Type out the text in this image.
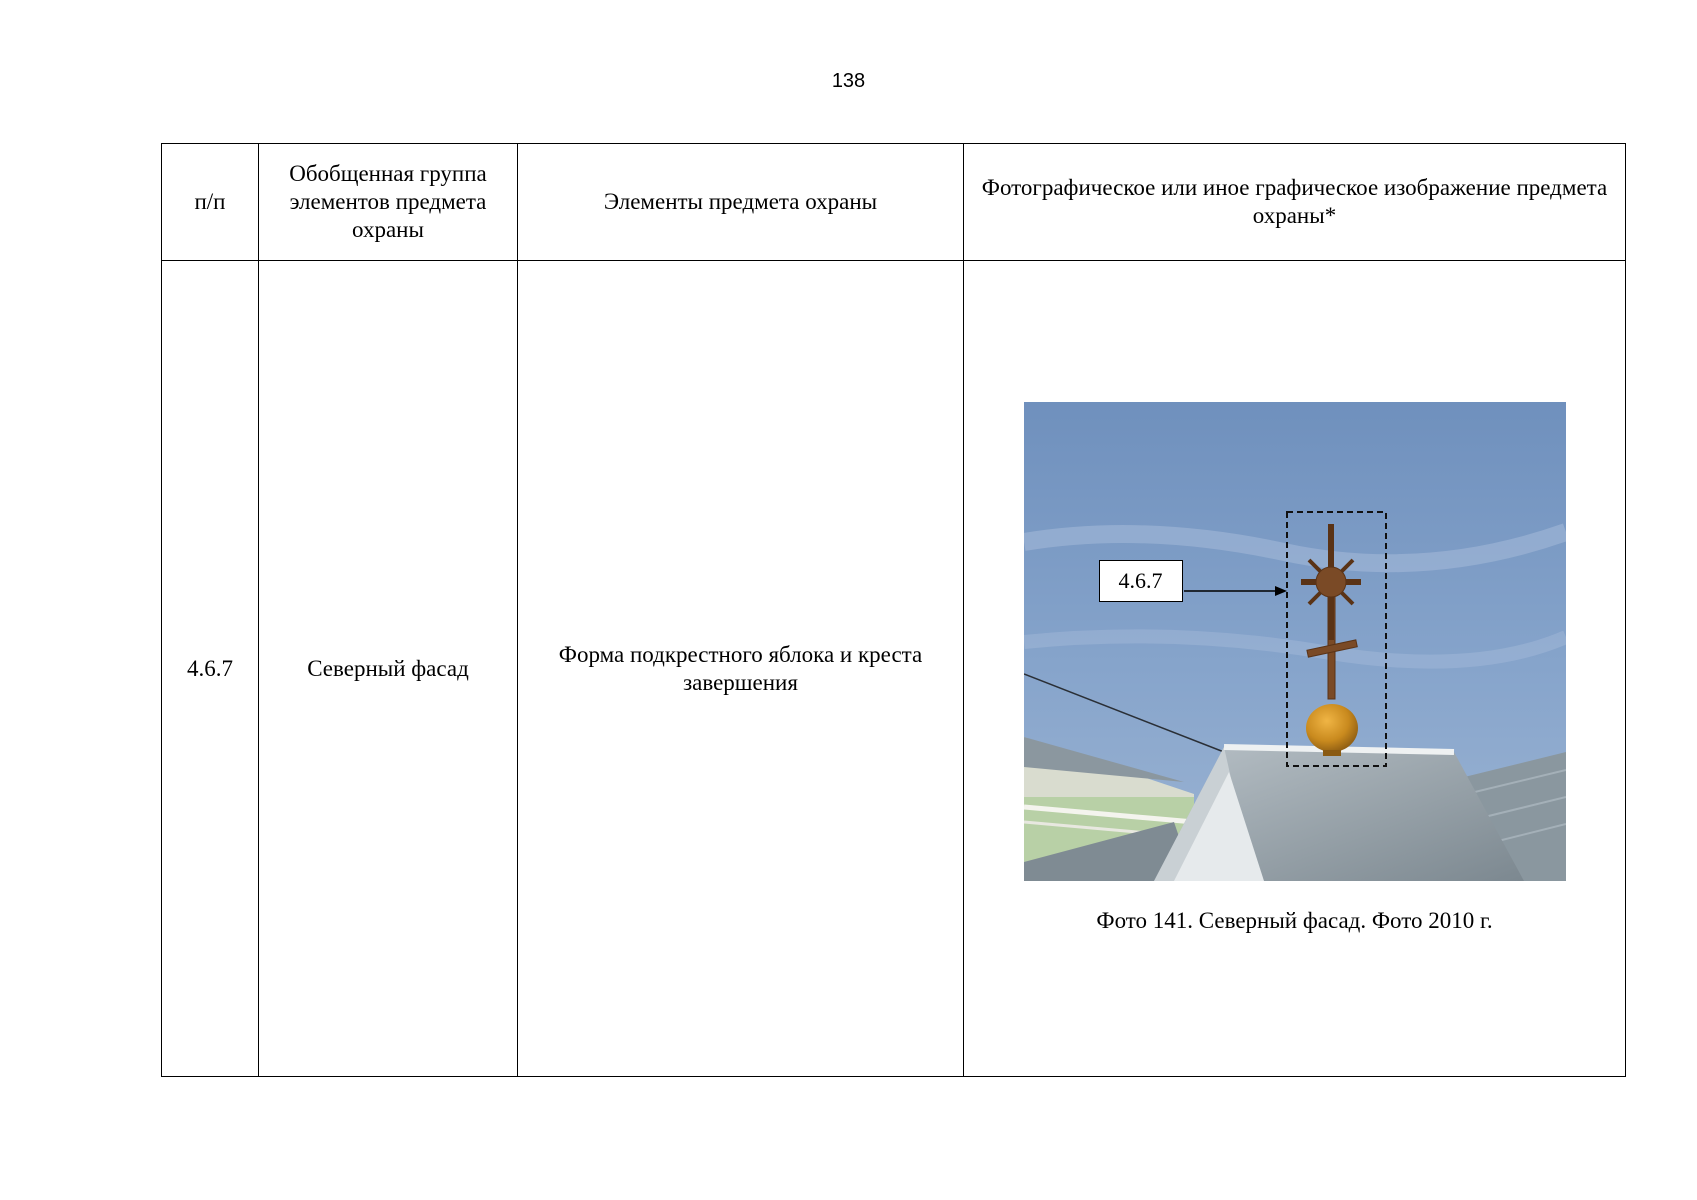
138
п/п	Обобщенная группа элементов предмета охраны	Элементы предмета охраны	Фотографическое или иное графическое изображение предмета охраны*
4.6.7	Северный фасад	Форма подкрестного яблока и креста завершения	4.6.7
Фото 141. Северный фасад. Фото 2010 г.
